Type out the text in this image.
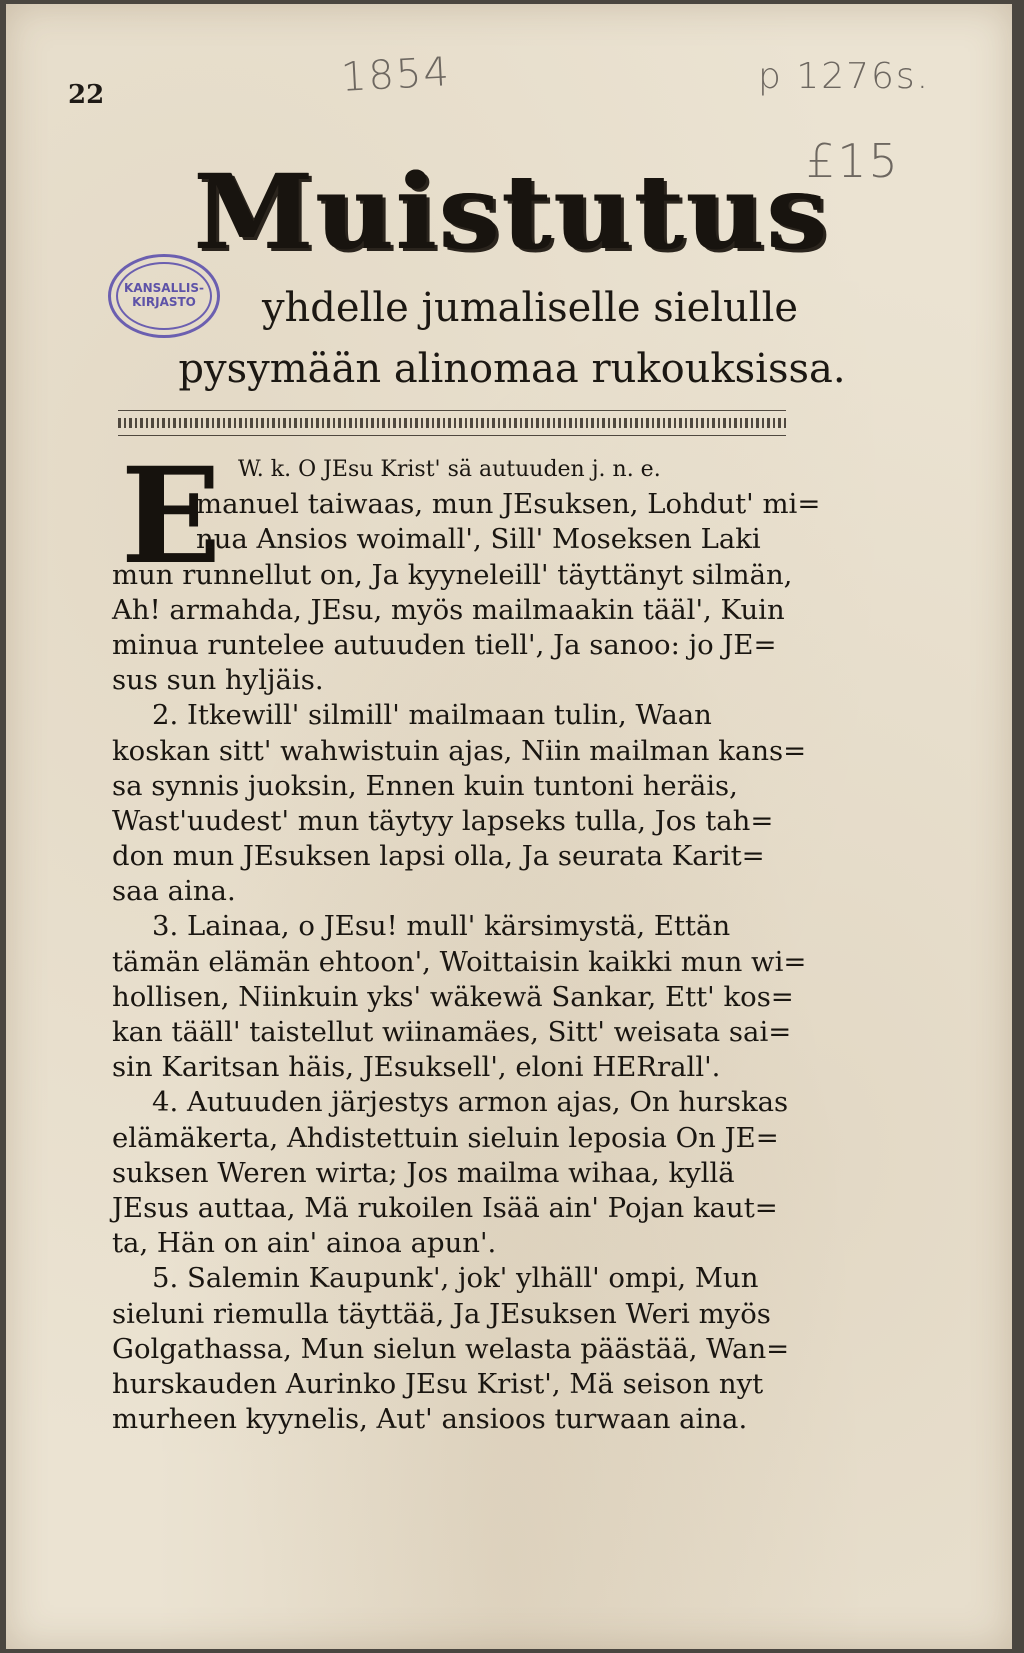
22	1854	p 1276s.
£15
KANSALLIS-
KIRJASTO
Muistutus
yhdelle jumaliselle sielulle
pysymään alinomaa rukouksissa.
E W. k. O JEsu Krist' sä autuuden j. n. e.
manuel taiwaas, mun JEsuksen, Lohdut' mi=
nua Ansios woimall', Sill' Moseksen Laki
mun runnellut on, Ja kyyneleill' täyttänyt silmän,
Ah! armahda, JEsu, myös mailmaakin tääl', Kuin
minua runtelee autuuden tiell', Ja sanoo: jo JE=
sus sun hyljäis.
2. Itkewill' silmill' mailmaan tulin, Waan
koskan sitt' wahwistuin ajas, Niin mailman kans=
sa synnis juoksin, Ennen kuin tuntoni heräis,
Wast'uudest' mun täytyy lapseks tulla, Jos tah=
don mun JEsuksen lapsi olla, Ja seurata Karit=
saa aina.
3. Lainaa, o JEsu! mull' kärsimystä, Ettän
tämän elämän ehtoon', Woittaisin kaikki mun wi=
hollisen, Niinkuin yks' wäkewä Sankar, Ett' kos=
kan tääll' taistellut wiinamäes, Sitt' weisata sai=
sin Karitsan häis, JEsuksell', eloni HERrall'.
4. Autuuden järjestys armon ajas, On hurskas
elämäkerta, Ahdistettuin sieluin leposia On JE=
suksen Weren wirta; Jos mailma wihaa, kyllä
JEsus auttaa, Mä rukoilen Isää ain' Pojan kaut=
ta, Hän on ain' ainoa apun'.
5. Salemin Kaupunk', jok' ylhäll' ompi, Mun
sieluni riemulla täyttää, Ja JEsuksen Weri myös
Golgathassa, Mun sielun welasta päästää, Wan=
hurskauden Aurinko JEsu Krist', Mä seison nyt
murheen kyynelis, Aut' ansioos turwaan aina.
